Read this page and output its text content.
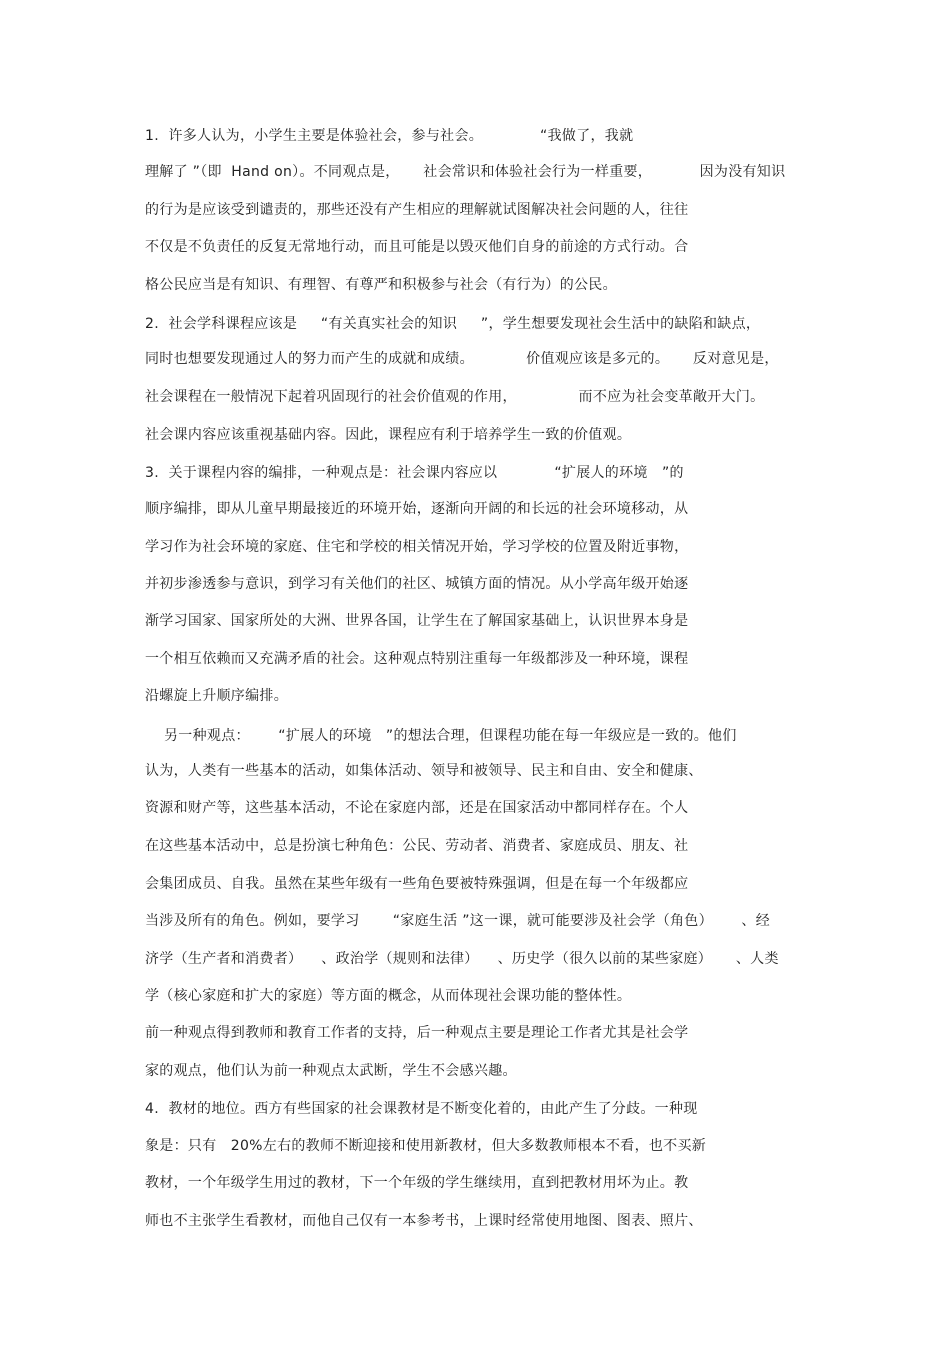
1.  许多人认为，小学生主要是体验社会，参与社会。            “我做了，我就
理解了 ”（即  Hand on）。不同观点是，     社会常识和体验社会行为一样重要，          因为没有知识
的行为是应该受到谴责的，那些还没有产生相应的理解就试图解决社会问题的人，往往
不仅是不负责任的反复无常地行动，而且可能是以毁灭他们自身的前途的方式行动。合
格公民应当是有知识、有理智、有尊严和积极参与社会（有行为）的公民。
2.  社会学科课程应该是     “有关真实社会的知识     ”，学生想要发现社会生活中的缺陷和缺点，
同时也想要发现通过人的努力而产生的成就和成绩。           价值观应该是多元的。     反对意见是，
社会课程在一般情况下起着巩固现行的社会价值观的作用，             而不应为社会变革敞开大门。
社会课内容应该重视基础内容。因此，课程应有利于培养学生一致的价值观。
3.  关于课程内容的编排，一种观点是：社会课内容应以            “扩展人的环境   ”的
顺序编排，即从儿童早期最接近的环境开始，逐渐向开阔的和长远的社会环境移动，从
学习作为社会环境的家庭、住宅和学校的相关情况开始，学习学校的位置及附近事物，
并初步渗透参与意识，到学习有关他们的社区、城镇方面的情况。从小学高年级开始逐
渐学习国家、国家所处的大洲、世界各国，让学生在了解国家基础上，认识世界本身是
一个相互依赖而又充满矛盾的社会。这种观点特别注重每一年级都涉及一种环境，课程
沿螺旋上升顺序编排。
另一种观点：      “扩展人的环境   ”的想法合理，但课程功能在每一年级应是一致的。他们
认为，人类有一些基本的活动，如集体活动、领导和被领导、民主和自由、安全和健康、
资源和财产等，这些基本活动，不论在家庭内部，还是在国家活动中都同样存在。个人
在这些基本活动中，总是扮演七种角色：公民、劳动者、消费者、家庭成员、朋友、社
会集团成员、自我。虽然在某些年级有一些角色要被特殊强调，但是在每一个年级都应
当涉及所有的角色。例如，要学习       “家庭生活 ”这一课，就可能要涉及社会学（角色）      、经
济学（生产者和消费者）    、政治学（规则和法律）    、历史学（很久以前的某些家庭）     、人类
学（核心家庭和扩大的家庭）等方面的概念，从而体现社会课功能的整体性。
前一种观点得到教师和教育工作者的支持，后一种观点主要是理论工作者尤其是社会学
家的观点，他们认为前一种观点太武断，学生不会感兴趣。
4.  教材的地位。西方有些国家的社会课教材是不断变化着的，由此产生了分歧。一种现
象是：只有   20%左右的教师不断迎接和使用新教材，但大多数教师根本不看，也不买新
教材，一个年级学生用过的教材，下一个年级的学生继续用，直到把教材用坏为止。教
师也不主张学生看教材，而他自己仅有一本参考书，上课时经常使用地图、图表、照片、
